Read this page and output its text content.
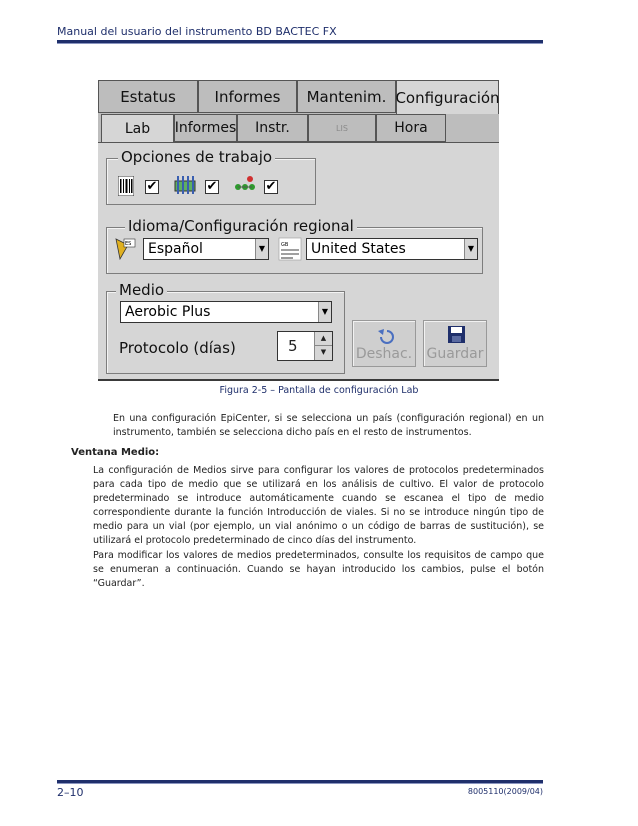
Manual del usuario del instrumento BD BACTEC FX
Estatus	Informes	Mantenim. Configuración
Lab	Informes	Instr.	LIS	Hora
Opciones de trabajo
✔	✔	✔
Idioma/Configuración regional
ES	Español	▼	GB	United States	▼
Medio
Aerobic Plus	▼
Protocolo (días)	5	▲
▼	Deshac. Guardar
Figura 2-5 – Pantalla de configuración Lab
En una configuración EpiCenter, si se selecciona un país (configuración regional) en un instrumento, también se selecciona dicho país en el resto de instrumentos.
Ventana Medio:
La configuración de Medios sirve para configurar los valores de protocolos predeterminados para cada tipo de medio que se utilizará en los análisis de cultivo. El valor de protocolo predeterminado se introduce automáticamente cuando se escanea el tipo de medio correspondiente durante la función Introducción de viales. Si no se introduce ningún tipo de medio para un vial (por ejemplo, un vial anónimo o un código de barras de sustitución), se utilizará el protocolo predeterminado de cinco días del instrumento.
Para modificar los valores de medios predeterminados, consulte los requisitos de campo que se enumeran a continuación. Cuando se hayan introducido los cambios, pulse el botón “Guardar”.
2–10	8005110(2009/04)
